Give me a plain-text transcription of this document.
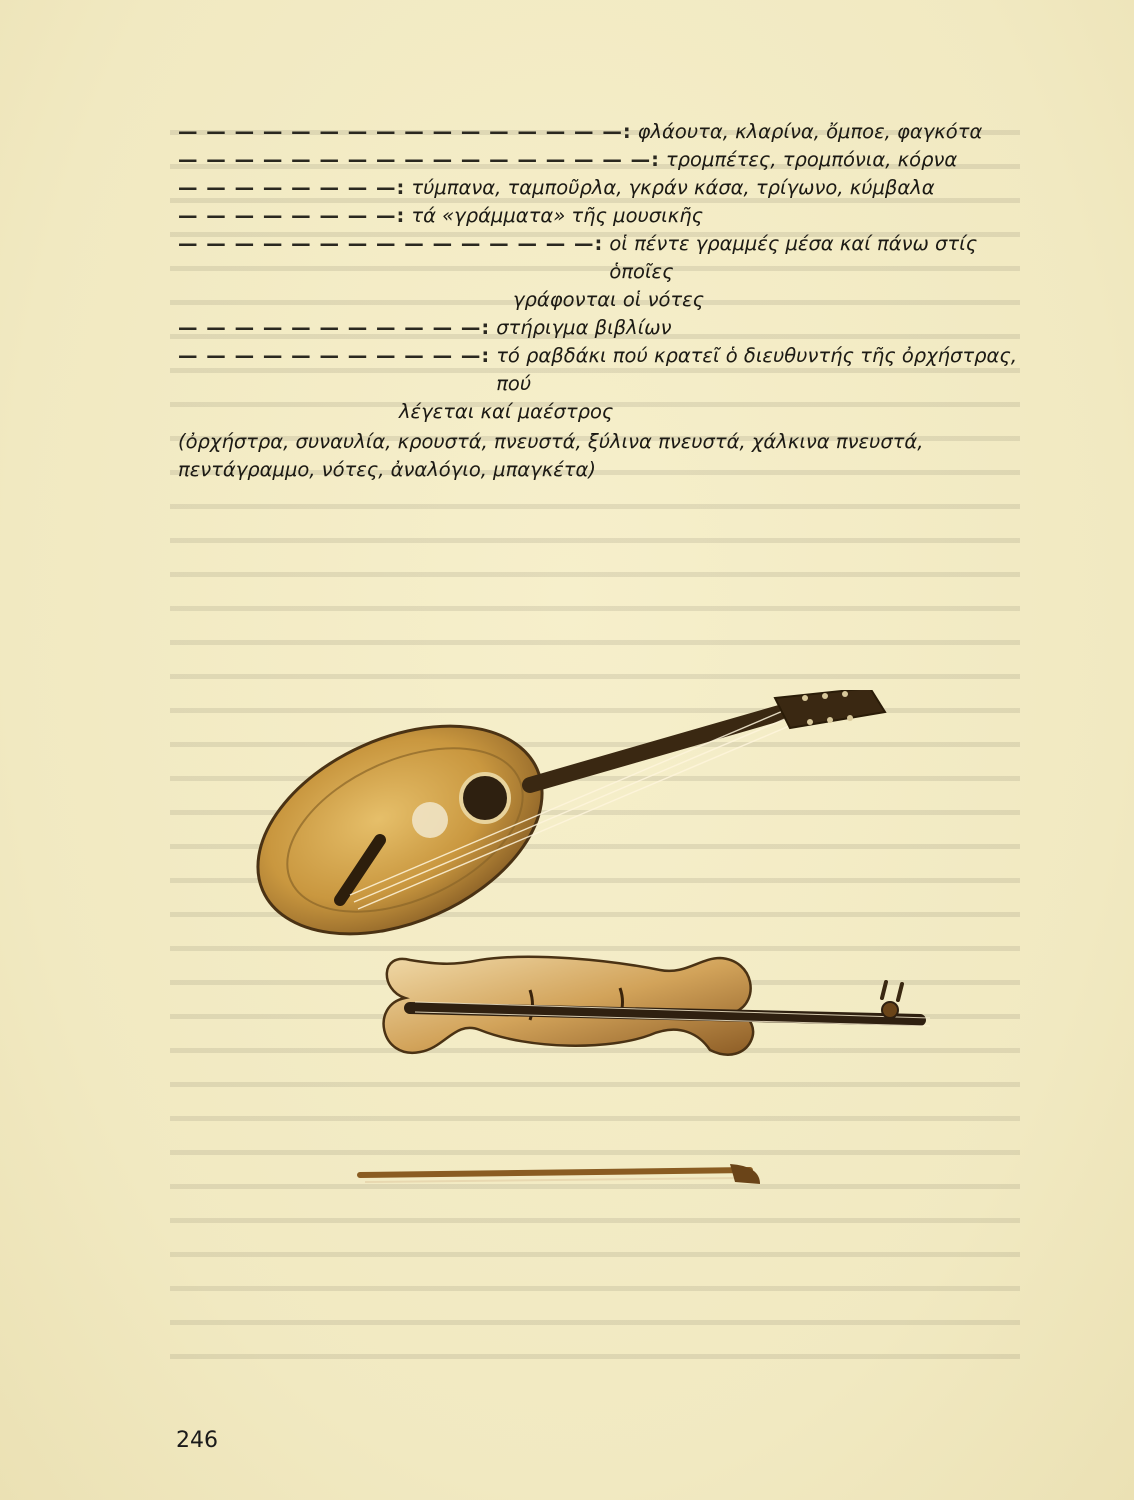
— — — — — — — — — — — — — — — —: φλάουτα, κλαρίνα, ὄμποε, φαγκότα
— — — — — — — — — — — — — — — — —: τρομπέτες, τρομπόνια, κόρνα
— — — — — — — —: τύμπανα, ταμποῦρλα, γκράν κάσα, τρίγωνο, κύμβαλα
— — — — — — — —: τά «γράμματα» τῆς μουσικῆς
— — — — — — — — — — — — — — —: οἱ πέντε γραμμές μέσα καί πάνω στίς ὁποῖες
γράφονται οἱ νότες
— — — — — — — — — — —: στήριγμα βιβλίων
— — — — — — — — — — —: τό ραβδάκι πού κρατεῖ ὁ διευθυντής τῆς ὀρχήστρας, πού
λέγεται καί μαέστρος
(ὀρχήστρα, συναυλία, κρουστά, πνευστά, ξύλινα πνευστά, χάλκινα πνευστά, πεντάγραμμο, νότες, ἀναλόγιο, μπαγκέτα)
246
